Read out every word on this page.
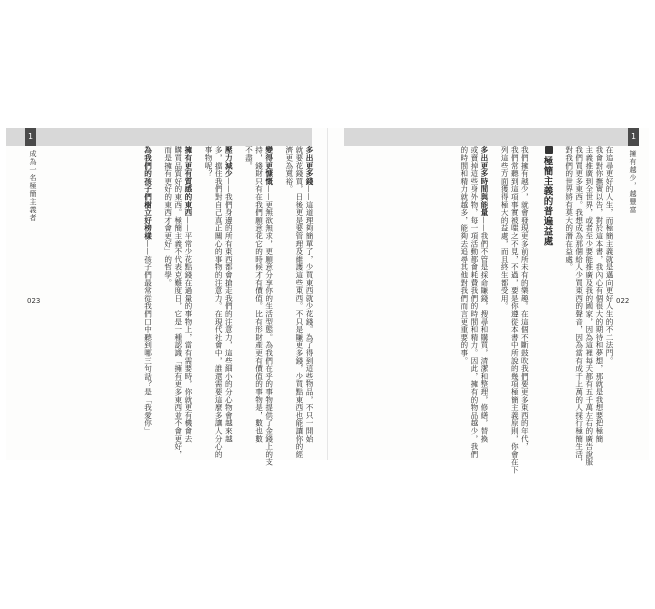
1	1
成為一名極簡主義者	擁有越少，越豐富
023	022
在追尋更好的人生，而極簡主義就是邁向更好人生的不二法門。
我會對你撫實以告，對於這本書，我內心有個很大的期待和夢想，那就是我想要把極簡
主義推廣到全世界，或者至少要能推廣及我的國家，因為這裡每天都有五千萬左右的廣告說服
我們買更多東西。我想成為那個給人少買東西的聲音，因為當有成千上萬的人採行極簡生活，
對我們的世界將有莫大的潛在益處。
極簡主義的普遍益處
我們擁有越少，就會發現更多前所未有的樂趣。在這個不斷鼓吹我們要更多東西的年代，
我們常聽到這項事實被嗤之不見，不過，要是你遵從本書中所說的幾項極簡主義原則，你會在下
列這些方面獲得極大的益處，而且終生都受用。
多出更多時間與能量——我們不管是採命賺錢，搜尋和購買，清潔和整理，修繕，替換
或賣掉這些身外物，每一項活動都會耗費我們的時間和精力。因此，擁有的物品越少，我們
的時間和精力就越多，能夠去追尋其他對我們而言更重要的事。
多出更多錢——這道理夠簡單了，少買東西就少花錢。為了得到這些物品，不只一開始
就要花錢買，日後更是要管理及維護這些東西。不只是賺更多錢，少買點東西也能讓你的經
濟更為寬裕。
變得更慷慨——更無欲無求，更願意分享你的生活型態。為我們在乎的事物提供了金錢上的支
持，錢財只有在我們願意花它的時候才有價值。比有形財產更有價值的事物是，數也數
不盡。
壓力減少——我們身邊的所有東西都會搶走我們的注意力，這些細小的分心物會越來越
多，擋住我們對自己真正關心的事物的注意力。在現代社會中，誰還需要這麼多讓人分心的
事物呢？
擁有更有質感的東西——平常少花點錢在過量的事物上，當有需要時，你就更有機會去
購買品質好的東西。極簡主義不代表克難度日，它是一種認識「擁有更多東西並不會更好，
而是擁有更好的東西才會更好」的哲學。
為我們的孩子們樹立好榜樣——孩子們最常從我們口中聽到哪三句話？是「我愛你」
